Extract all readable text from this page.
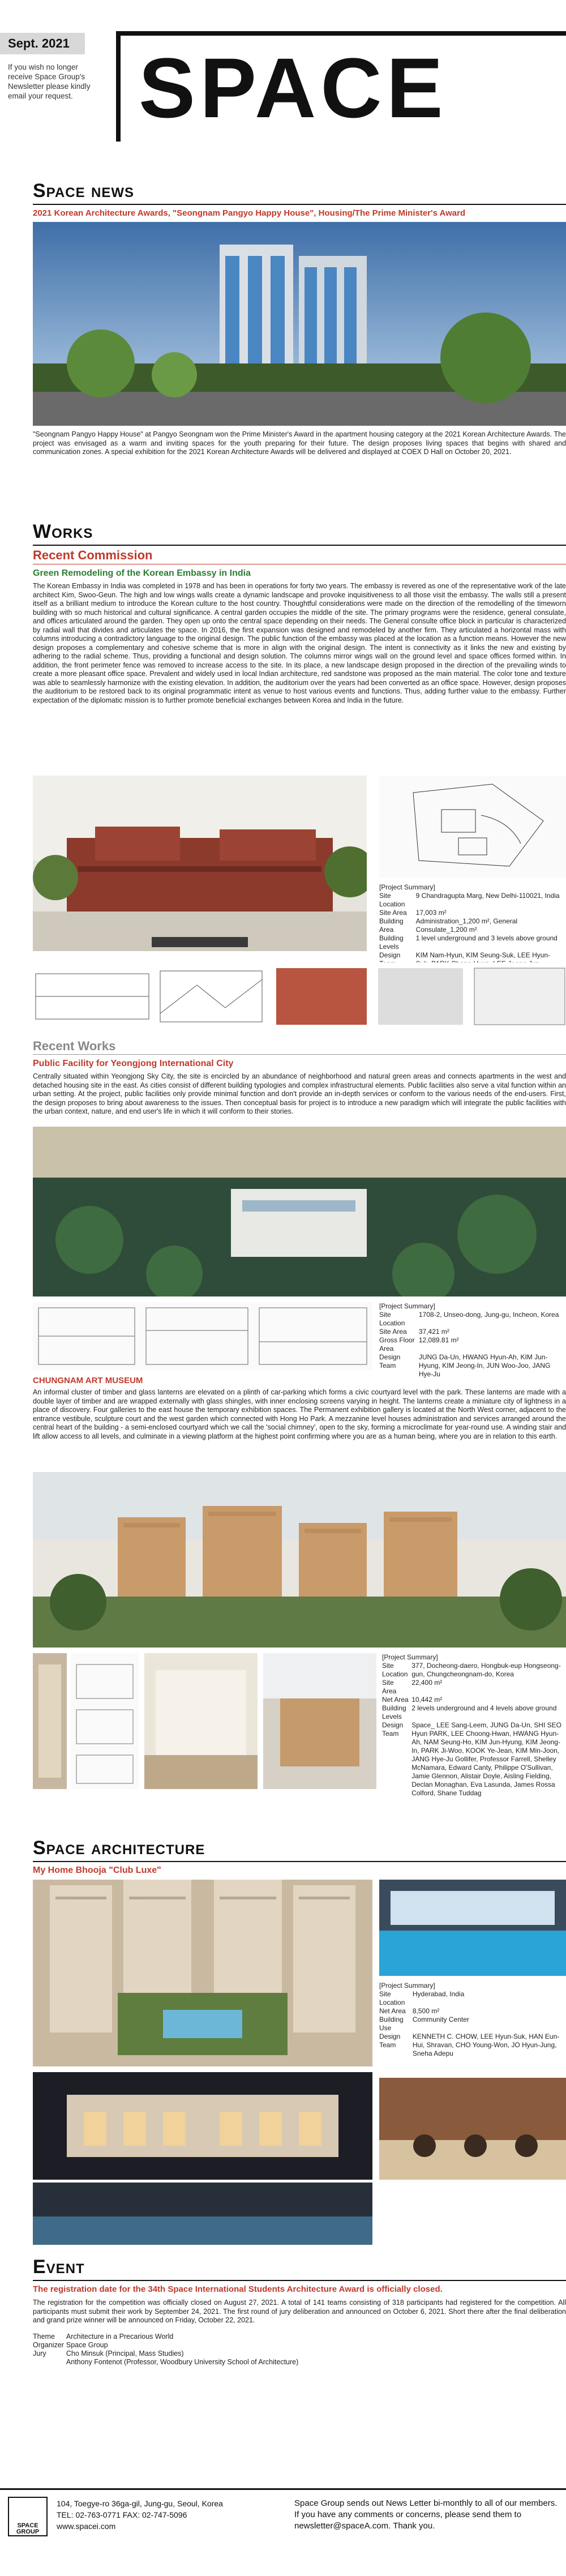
Sept. 2021
If you wish no longer receive Space Group's Newsletter please kindly email your request. SPACE
Space news
2021 Korean Architecture Awards, "Seongnam Pangyo Happy House", Housing/The Prime Minister's Award
"Seongnam Pangyo Happy House" at Pangyo Seongnam won the Prime Minister's Award in the apartment housing category at the 2021 Korean Architecture Awards. The project was envisaged as a warm and inviting spaces for the youth preparing for their future. The design proposes living spaces that begins with shared and communication zones. A special exhibition for the 2021 Korean Architecture Awards will be delivered and displayed at COEX D Hall on October 20, 2021.
Works
Recent Commission
Green Remodeling of the Korean Embassy in India
The Korean Embassy in India was completed in 1978 and has been in operations for forty two years. The embassy is revered as one of the representative work of the late architect Kim, Swoo-Geun. The high and low wings walls create a dynamic landscape and provoke inquisitiveness to all those visit the embassy. The walls still a present itself as a brilliant medium to introduce the Korean culture to the host country. Thoughtful considerations were made on the direction of the remodelling of the timeworn building with so much historical and cultural significance. A central garden occupies the middle of the site. The primary programs were the residence, general consulate, and offices articulated around the garden. They open up onto the central space depending on their needs. The General consulte office block in particular is characterized by radial wall that divides and articulates the space. In 2016, the first expansion was designed and remodeled by another firm. They articulated a horizontal mass with columns introducing a contradictory language to the original design. The public function of the embassy was placed at the location as a function means. However the new design proposes a complementary and cohesive scheme that is more in align with the original design. The intent is connectivity as it links the new and existing by adhering to the radial scheme. Thus, providing a functional and design solution. The columns mirror wings wall on the ground level and space offices formed within. In addition, the front perimeter fence was removed to increase access to the site. In its place, a new landscape design proposed in the direction of the prevailing winds to create a more pleasant office space. Prevalent and widely used in local Indian architecture, red sandstone was proposed as the main material. The color tone and texture was able to seamlessly harmonize with the existing elevation. In addition, the auditorium over the years had been converted as an office space. However, design proposes the auditorium to be restored back to its original programmatic intent as venue to host various events and functions. Thus, adding further value to the embassy. Further expectation of the diplomatic mission is to further promote beneficial exchanges between Korea and India in the future.
[Project Summary]	
Site Location	9 Chandragupta Marg, New Delhi-110021, India
Site Area	17,003 m²
Building Area	Administration_1,200 m², General Consulate_1,200 m²
Building Levels	1 level underground and 3 levels above ground
Design	KIM Nam-Hyun, KIM Seung-Suk, LEE Hyun-
Recent Works
Public Facility for Yeongjong International City
Centrally situated within Yeongjong Sky City, the site is encircled by an abundance of neighborhood and natural green areas and connects apartments in the west and detached housing site in the east. As cities consist of different building typologies and complex infrastructural elements. Public facilities also serve a vital function within an urban setting. At the project, public facilities only provide minimal function and don't provide an in-depth services or conform to the various needs of the end-users. First, the design proposes to bring about awareness to the issues. Then conceptual basis for project is to introduce a new paradigm which will integrate the public facilities with the urban context, nature, and end user's life in which it will conform to their stories.
[Project Summary]	
Site Location	1708-2, Unseo-dong, Jung-gu, Incheon, Korea
Site Area	37,421 m²
Gross Floor Area	12,089.81 m²
Design Team	JUNG Da-Un, HWANG Hyun-Ah, KIM Jun-Hyung, KIM Jeong-In, JUN Woo-Joo, JANG Hye-Ju
CHUNGNAM ART MUSEUM
An informal cluster of timber and glass lanterns are elevated on a plinth of car-parking which forms a civic courtyard level with the park. These lanterns are made with a double layer of timber and are wrapped externally with glass shingles, with inner enclosing screens varying in height. The lanterns create a miniature city of lightness in a place of discovery. Four galleries to the east house the temporary exhibition spaces. The Permanent exhibition gallery is located at the North West corner, adjacent to the entrance vestibule, sculpture court and the west garden which connected with Hong Ho Park. A mezzanine level houses administration and services arranged around the central heart of the building - a semi-enclosed courtyard which we call the 'social chimney', open to the sky, forming a microclimate for year-round use. A winding stair and lift allow access to all levels, and culminate in a viewing platform at the highest point confirming where you are as a human being, where you are in relation to this earth.
[Project Summary]	
Site Location	377, Docheong-daero, Hongbuk-eup Hongseong-gun, Chungcheongnam-do, Korea
Site Area	22,400 m²
Net Area	10,442 m²
Building Levels	2 levels underground and 4 levels above ground
Design Team	Space_ LEE Sang-Leem, JUNG Da-Un, SHI SEO Hyun PARK, LEE Choong-Hwan, HWANG Hyun-Ah, NAM Seung-Ho, KIM Jun-Hyung, KIM Jeong-In, PARK Ji-Woo, KOOK Ye-Jean, KIM Min-Joon, JANG Hye-Ju Gollifer, Professor Farrell, Shelley McNamara, Edward Canty, Philippe O'Sullivan, Jamie Glennon, Alistair Doyle, Aisling Fielding, Declan Monaghan, Eva Lasunda, James Rossa Colford, Shane Tuddag
Space architecture
My Home Bhooja "Club Luxe"
[Project Summary]	
Site Location	Hyderabad, India
Net Area	8,500 m²
Building Use	Community Center
Design Team	KENNETH C. CHOW, LEE Hyun-Suk, HAN Eun-Hui, Shravan, CHO Young-Won, JO Hyun-Jung, Sneha Adepu
Event
The registration date for the 34th Space International Students Architecture Award is officially closed.
The registration for the competition was officially closed on August 27, 2021. A total of 141 teams consisting of 318 participants had registered for the competition. All participants must submit their work by September 24, 2021. The first round of jury deliberation and announced on October 6, 2021. Short there after the final deliberation and grand prize winner will be announced on Friday, October 22, 2021.
Theme	Architecture in a Precarious World
Organizer	Space Group
Jury	Cho Minsuk (Principal, Mass Studies)
	Anthony Fontenot (Professor, Woodbury University School of Architecture)
SPACE GROUP
104, Toegye-ro 36ga-gil, Jung-gu, Seoul, Korea
TEL: 02-763-0771 FAX: 02-747-5096
www.spacei.com
Space Group sends out News Letter bi-monthly to all of our members. If you have any comments or concerns, please send them to newsletter@spaceA.com. Thank you.
